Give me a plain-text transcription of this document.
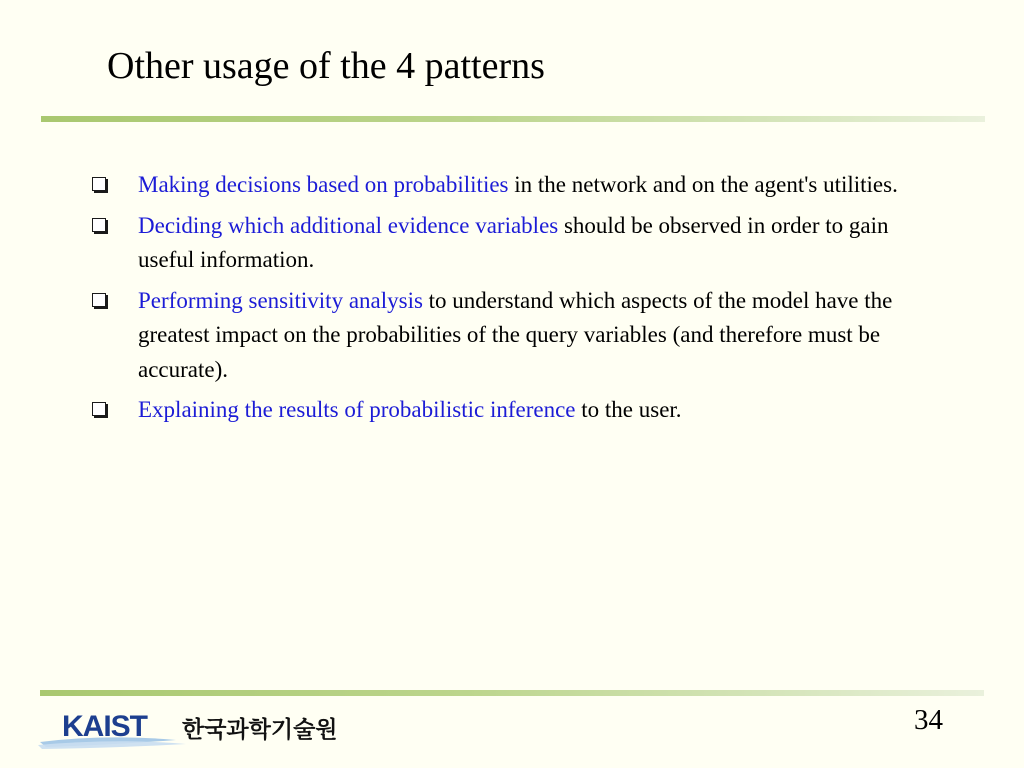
Other usage of the 4 patterns
Making decisions based on probabilities in the network and on the agent's utilities.
Deciding which additional evidence variables should be observed in order to gain useful information.
Performing sensitivity analysis to understand which aspects of the model have the greatest impact on the probabilities of the query variables (and therefore must be accurate).
Explaining the results of probabilistic inference to the user.
KAIST 한국과학기술원	34
